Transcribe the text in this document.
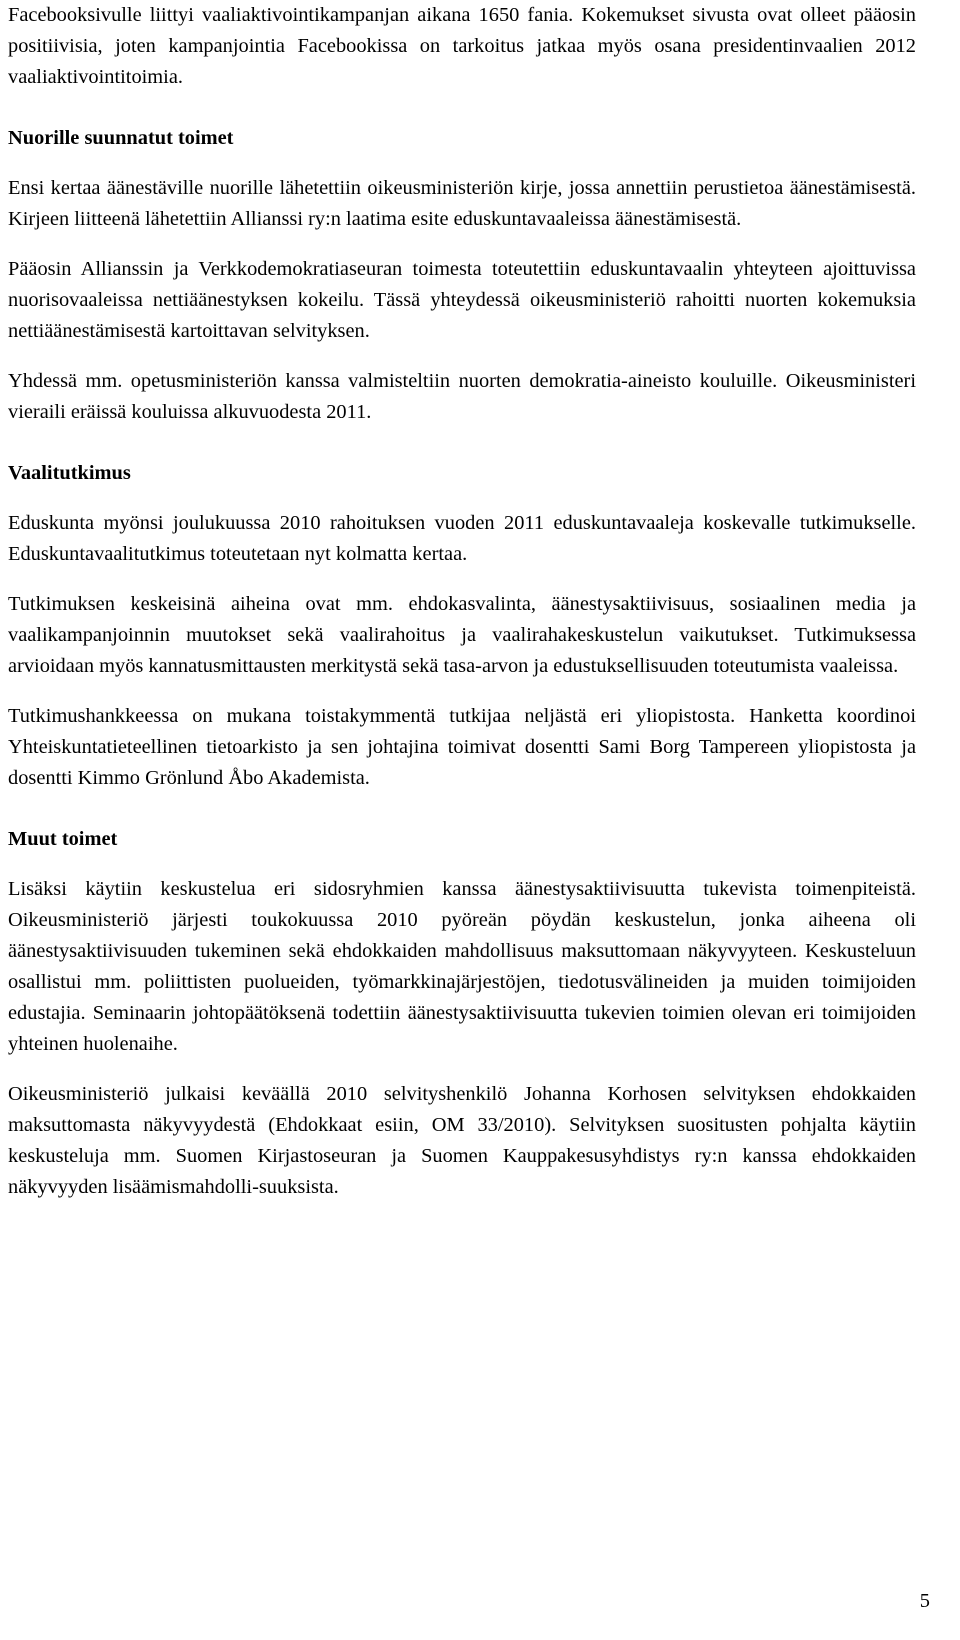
Facebooksivulle liittyi vaaliaktivointikampanjan aikana 1650 fania. Kokemukset sivusta ovat olleet pääosin positiivisia, joten kampanjointia Facebookissa on tarkoitus jatkaa myös osana presidentinvaalien 2012 vaaliaktivointitoimia.

Nuorille suunnatut toimet

Ensi kertaa äänestäville nuorille lähetettiin oikeusministeriön kirje, jossa annettiin perustietoa äänestämisestä. Kirjeen liitteenä lähetettiin Allianssi ry:n laatima esite eduskuntavaaleissa äänestämisestä.

Pääosin Allianssin ja Verkkodemokratiaseuran toimesta toteutettiin eduskuntavaalin yhteyteen ajoittuvissa nuorisovaaleissa nettiäänestyksen kokeilu. Tässä yhteydessä oikeusministeriö rahoitti nuorten kokemuksia nettiäänestämisestä kartoittavan selvityksen.

Yhdessä mm. opetusministeriön kanssa valmisteltiin nuorten demokratia-aineisto kouluille. Oikeusministeri vieraili eräissä kouluissa alkuvuodesta 2011.

Vaalitutkimus

Eduskunta myönsi joulukuussa 2010 rahoituksen vuoden 2011 eduskuntavaaleja koskevalle tutkimukselle. Eduskuntavaalitutkimus toteutetaan nyt kolmatta kertaa.

Tutkimuksen keskeisinä aiheina ovat mm. ehdokasvalinta, äänestysaktiivisuus, sosiaalinen media ja vaalikampanjoinnin muutokset sekä vaalirahoitus ja vaalirahakeskustelun vaikutukset. Tutkimuksessa arvioidaan myös kannatusmittausten merkitystä sekä tasa-arvon ja edustuksellisuuden toteutumista vaaleissa.

Tutkimushankkeessa on mukana toistakymmentä tutkijaa neljästä eri yliopistosta. Hanketta koordinoi Yhteiskuntatieteellinen tietoarkisto ja sen johtajina toimivat dosentti Sami Borg Tampereen yliopistosta ja dosentti Kimmo Grönlund Åbo Akademista.

Muut toimet

Lisäksi käytiin keskustelua eri sidosryhmien kanssa äänestysaktiivisuutta tukevista toimenpiteistä. Oikeusministeriö järjesti toukokuussa 2010 pyöreän pöydän keskustelun, jonka aiheena oli äänestysaktiivisuuden tukeminen sekä ehdokkaiden mahdollisuus maksuttomaan näkyvyyteen. Keskusteluun osallistui mm. poliittisten puolueiden, työmarkkinajärjestöjen, tiedotusvälineiden ja muiden toimijoiden edustajia. Seminaarin johtopäätöksenä todettiin äänestysaktiivisuutta tukevien toimien olevan eri toimijoiden yhteinen huolenaihe.

Oikeusministeriö julkaisi keväällä 2010 selvityshenkilö Johanna Korhosen selvityksen ehdokkaiden maksuttomasta näkyvyydestä (Ehdokkaat esiin, OM 33/2010). Selvityksen suositusten pohjalta käytiin keskusteluja mm. Suomen Kirjastoseuran ja Suomen Kauppakesusyhdistys ry:n kanssa ehdokkaiden näkyvyyden lisäämismahdolli-suuksista.

5
